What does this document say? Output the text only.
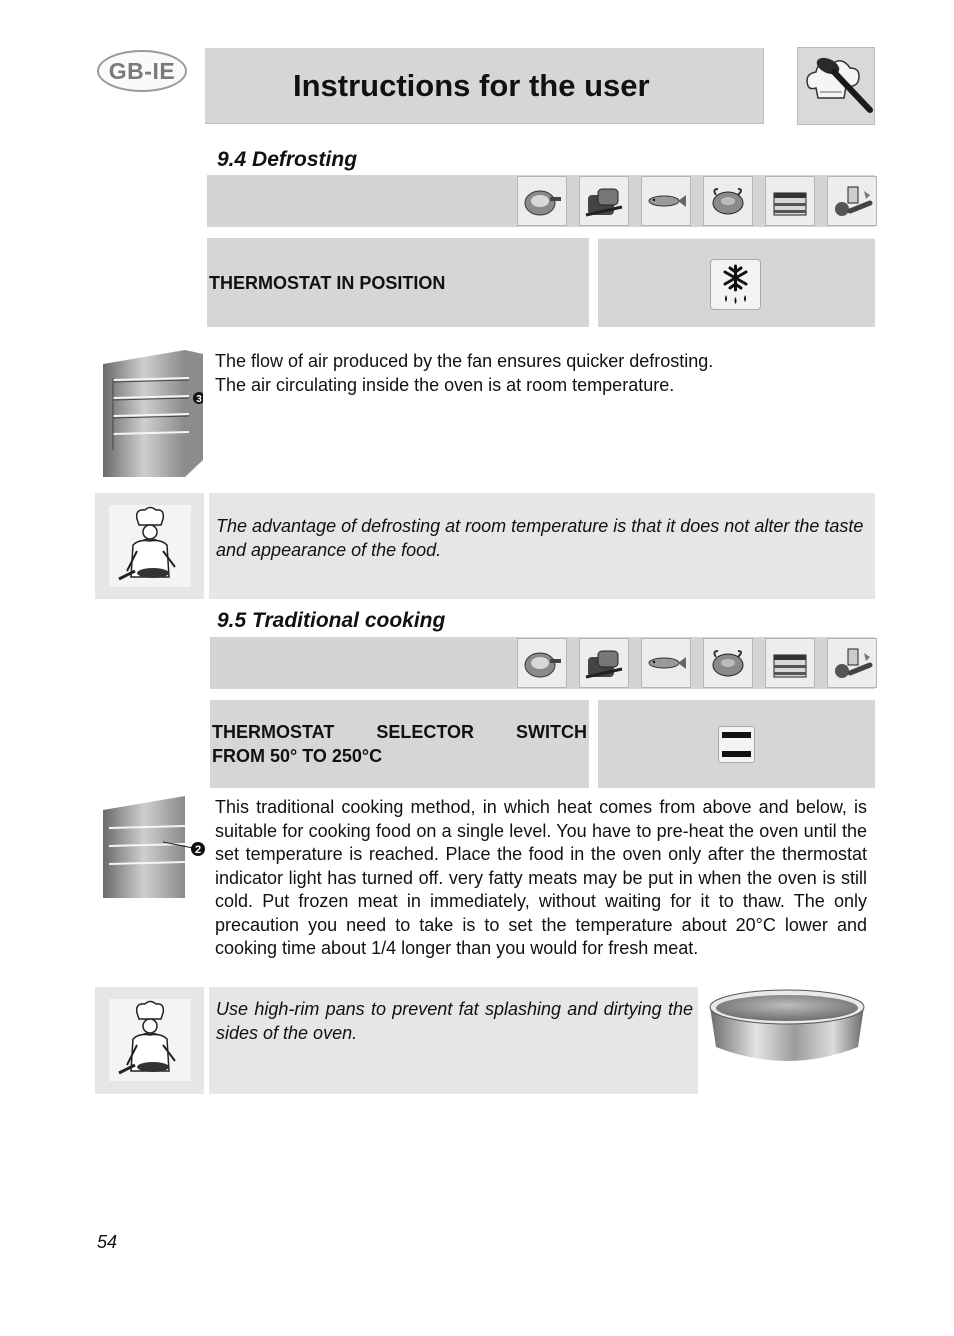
GB-IE	Instructions for the user
9.4 Defrosting
THERMOSTAT IN POSITION
3
The flow of air produced by the fan ensures quicker defrosting.
The air circulating inside the oven is at room temperature.
The advantage of defrosting at room temperature is that it does not alter the taste and appearance of the food.
9.5 Traditional cooking
THERMOSTAT SELECTOR SWITCH
FROM 50° TO 250°C
2
This traditional cooking method, in which heat comes from above and below, is suitable for cooking food on a single level. You have to pre-heat the oven until the set temperature is reached. Place the food in the oven only after the thermostat indicator light has turned off. very fatty meats may be put in when the oven is still cold. Put frozen meat in immediately, without waiting for it to thaw. The only precaution you need to take is to set the temperature about 20°C lower and cooking time about 1/4 longer than you would for fresh meat.
Use high-rim pans to prevent fat splashing and dirtying the sides of the oven.
54
